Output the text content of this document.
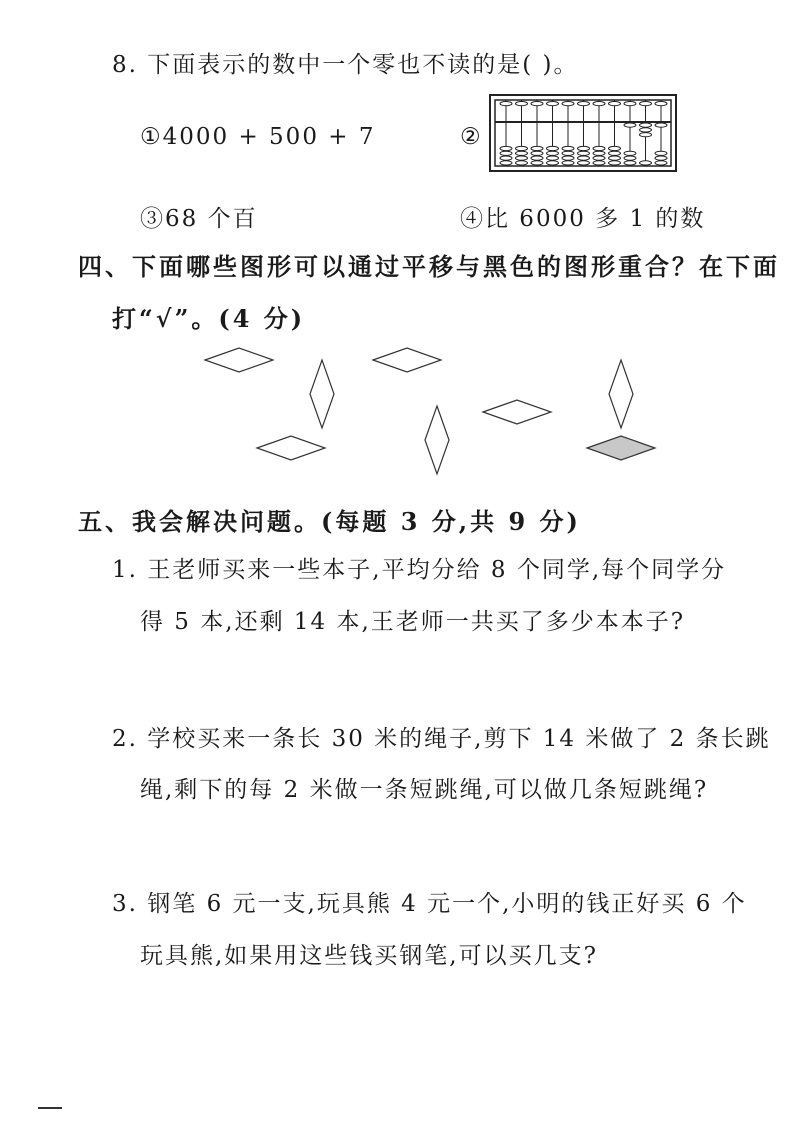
8. 下面表示的数中一个零也不读的是( )。
①4000 + 500 + 7	②
③68 个百	④比 6000 多 1 的数
四、下面哪些图形可以通过平移与黑色的图形重合？在下面
打“√”。(4 分)
五、我会解决问题。(每题 3 分,共 9 分)
1. 王老师买来一些本子,平均分给 8 个同学,每个同学分
得 5 本,还剩 14 本,王老师一共买了多少本本子?
2. 学校买来一条长 30 米的绳子,剪下 14 米做了 2 条长跳
绳,剩下的每 2 米做一条短跳绳,可以做几条短跳绳?
3. 钢笔 6 元一支,玩具熊 4 元一个,小明的钱正好买 6 个
玩具熊,如果用这些钱买钢笔,可以买几支?
